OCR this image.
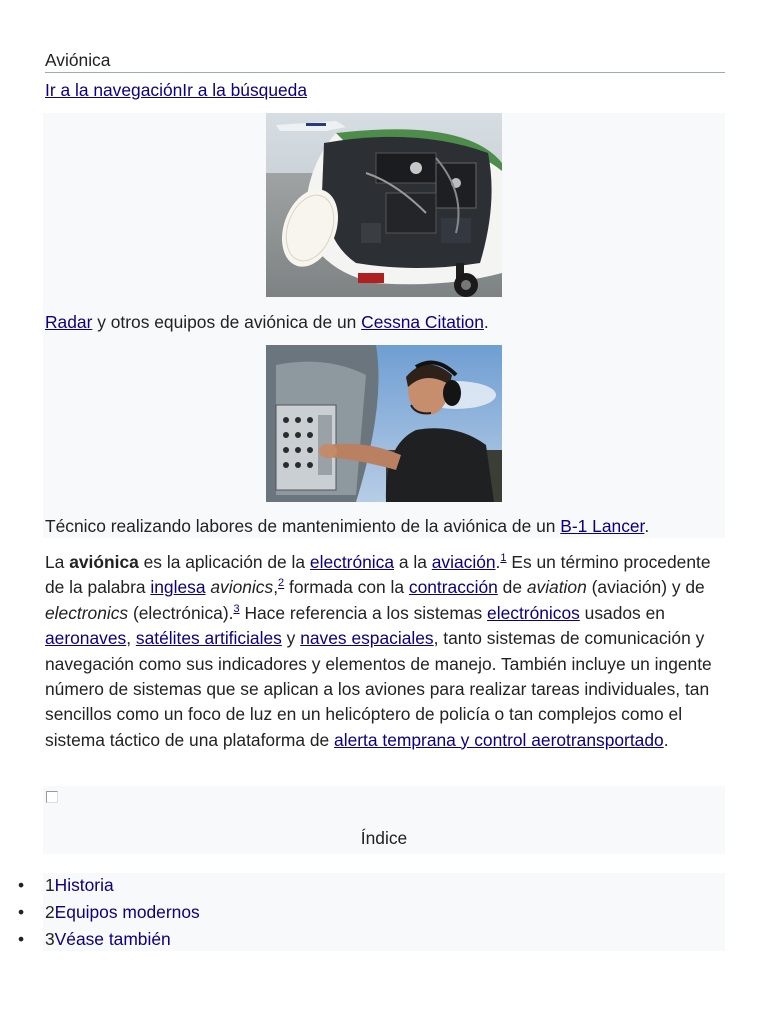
Aviónica
Ir a la navegaciónIr a la búsqueda
Radar y otros equipos de aviónica de un Cessna Citation.
Técnico realizando labores de mantenimiento de la aviónica de un B-1 Lancer.
La aviónica es la aplicación de la electrónica a la aviación.$^1$ Es un término procedente de la palabra inglesa avionics,$^2$ formada con la contracción de aviation (aviación) y de electronics (electrónica).$^3$ Hace referencia a los sistemas electrónicos usados en aeronaves, satélites artificiales y naves espaciales, tanto sistemas de comunicación y navegación como sus indicadores y elementos de manejo. También incluye un ingente número de sistemas que se aplican a los aviones para realizar tareas individuales, tan sencillos como un foco de luz en un helicóptero de policía o tan complejos como el sistema táctico de una plataforma de alerta temprana y control aerotransportado.
Índice
• 1Historia
• 2Equipos modernos
• 3Véase también
